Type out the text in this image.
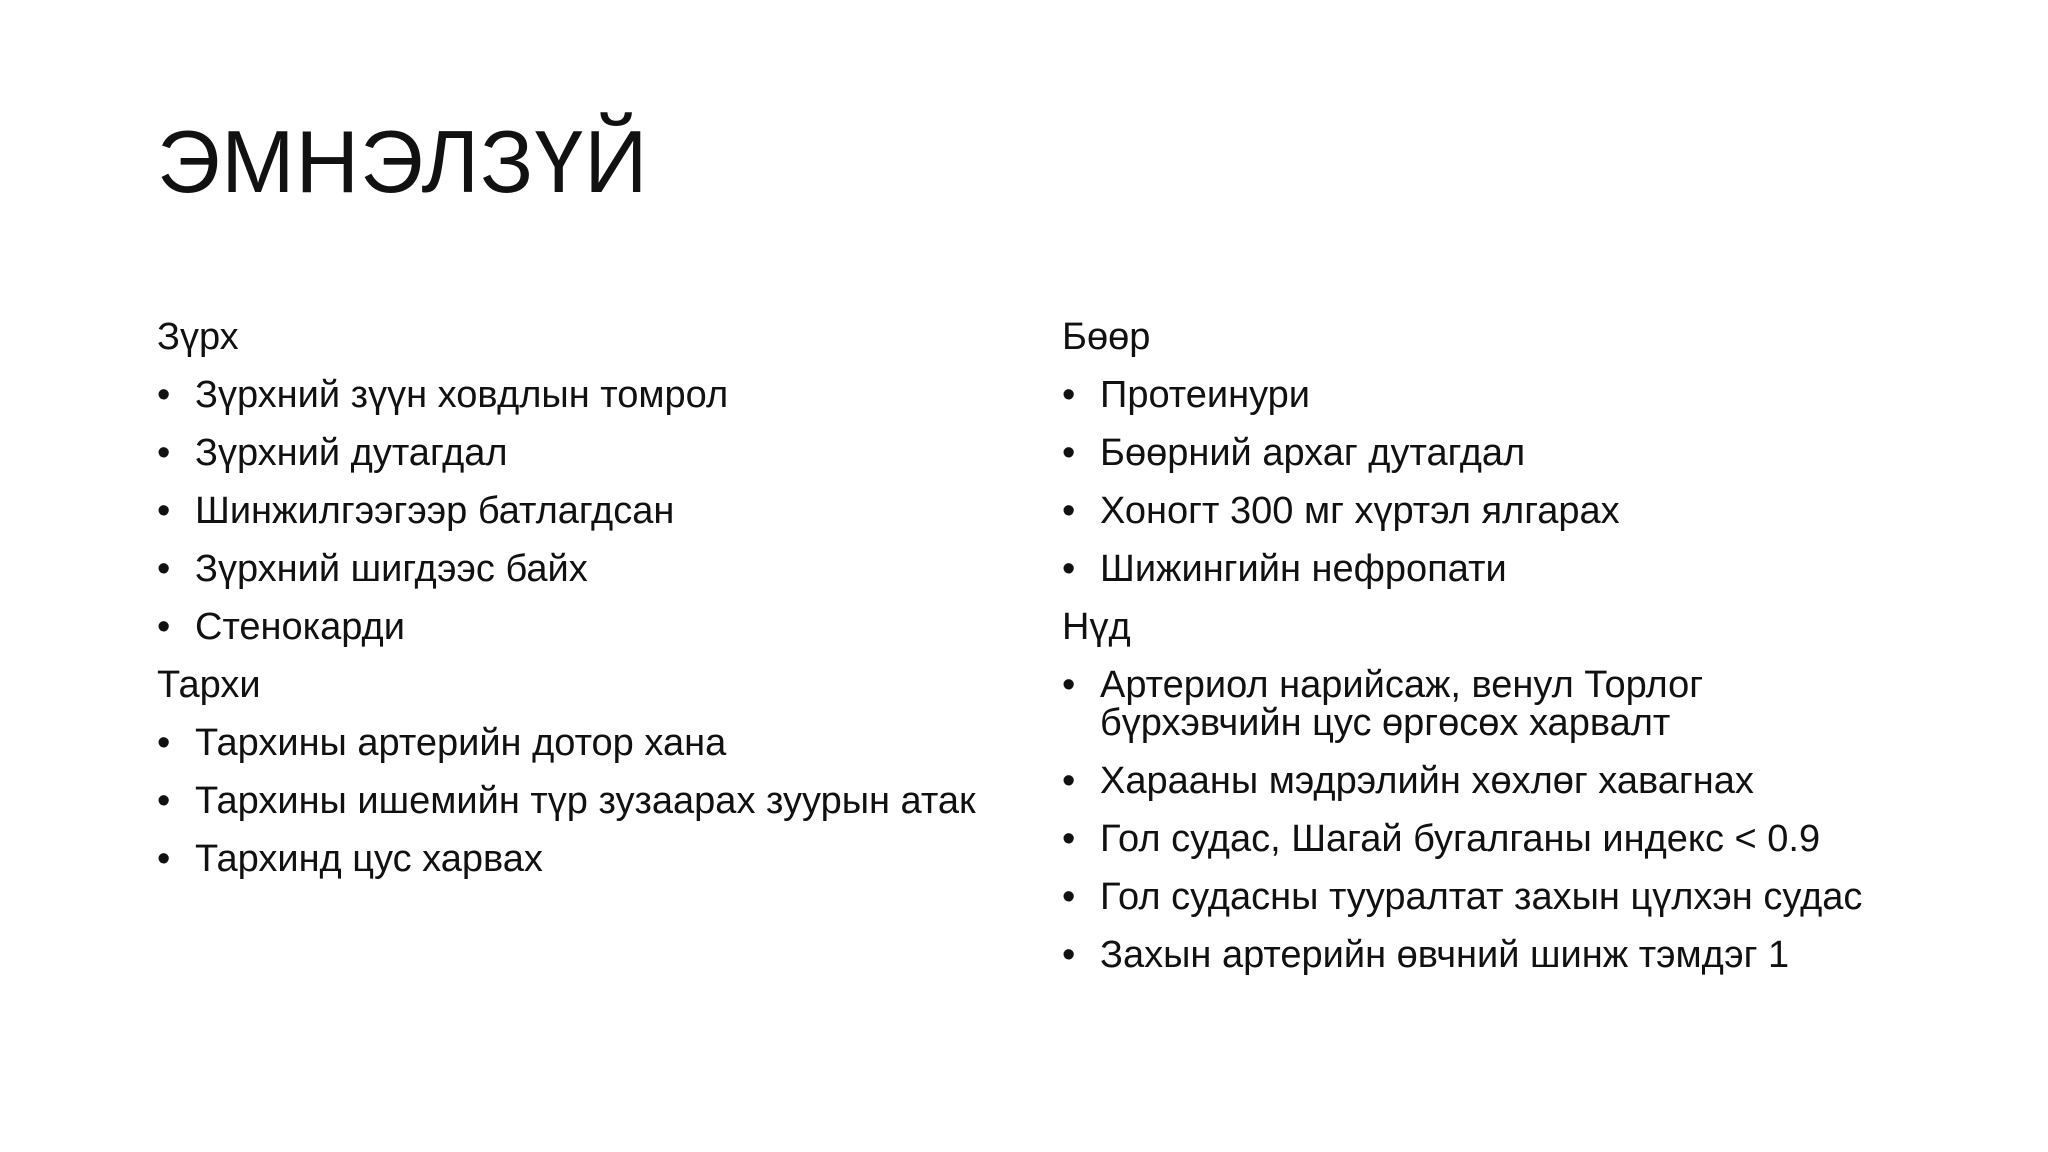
ЭМНЭЛЗҮЙ
Зүрх
• Зүрхний зүүн ховдлын томрол
• Зүрхний дутагдал
• Шинжилгээгээр батлагдсан
• Зүрхний шигдээс байх
• Стенокарди
Тархи
• Тархины артерийн дотор хана
• Тархины ишемийн түр зузаарах зуурын атак
• Тархинд цус харвах
Бөөр
• Протеинури
• Бөөрний архаг дутагдал
• Хоногт 300 мг хүртэл ялгарах
• Шижингийн нефропати
Нүд
• Артериол нарийсаж, венул Торлог бүрхэвчийн цус өргөсөх харвалт
• Харааны мэдрэлийн хөхлөг хавагнах
• Гол судас, Шагай бугалганы индекс < 0.9
• Гол судасны тууралтат захын цүлхэн судас
• Захын артерийн өвчний шинж тэмдэг 1
